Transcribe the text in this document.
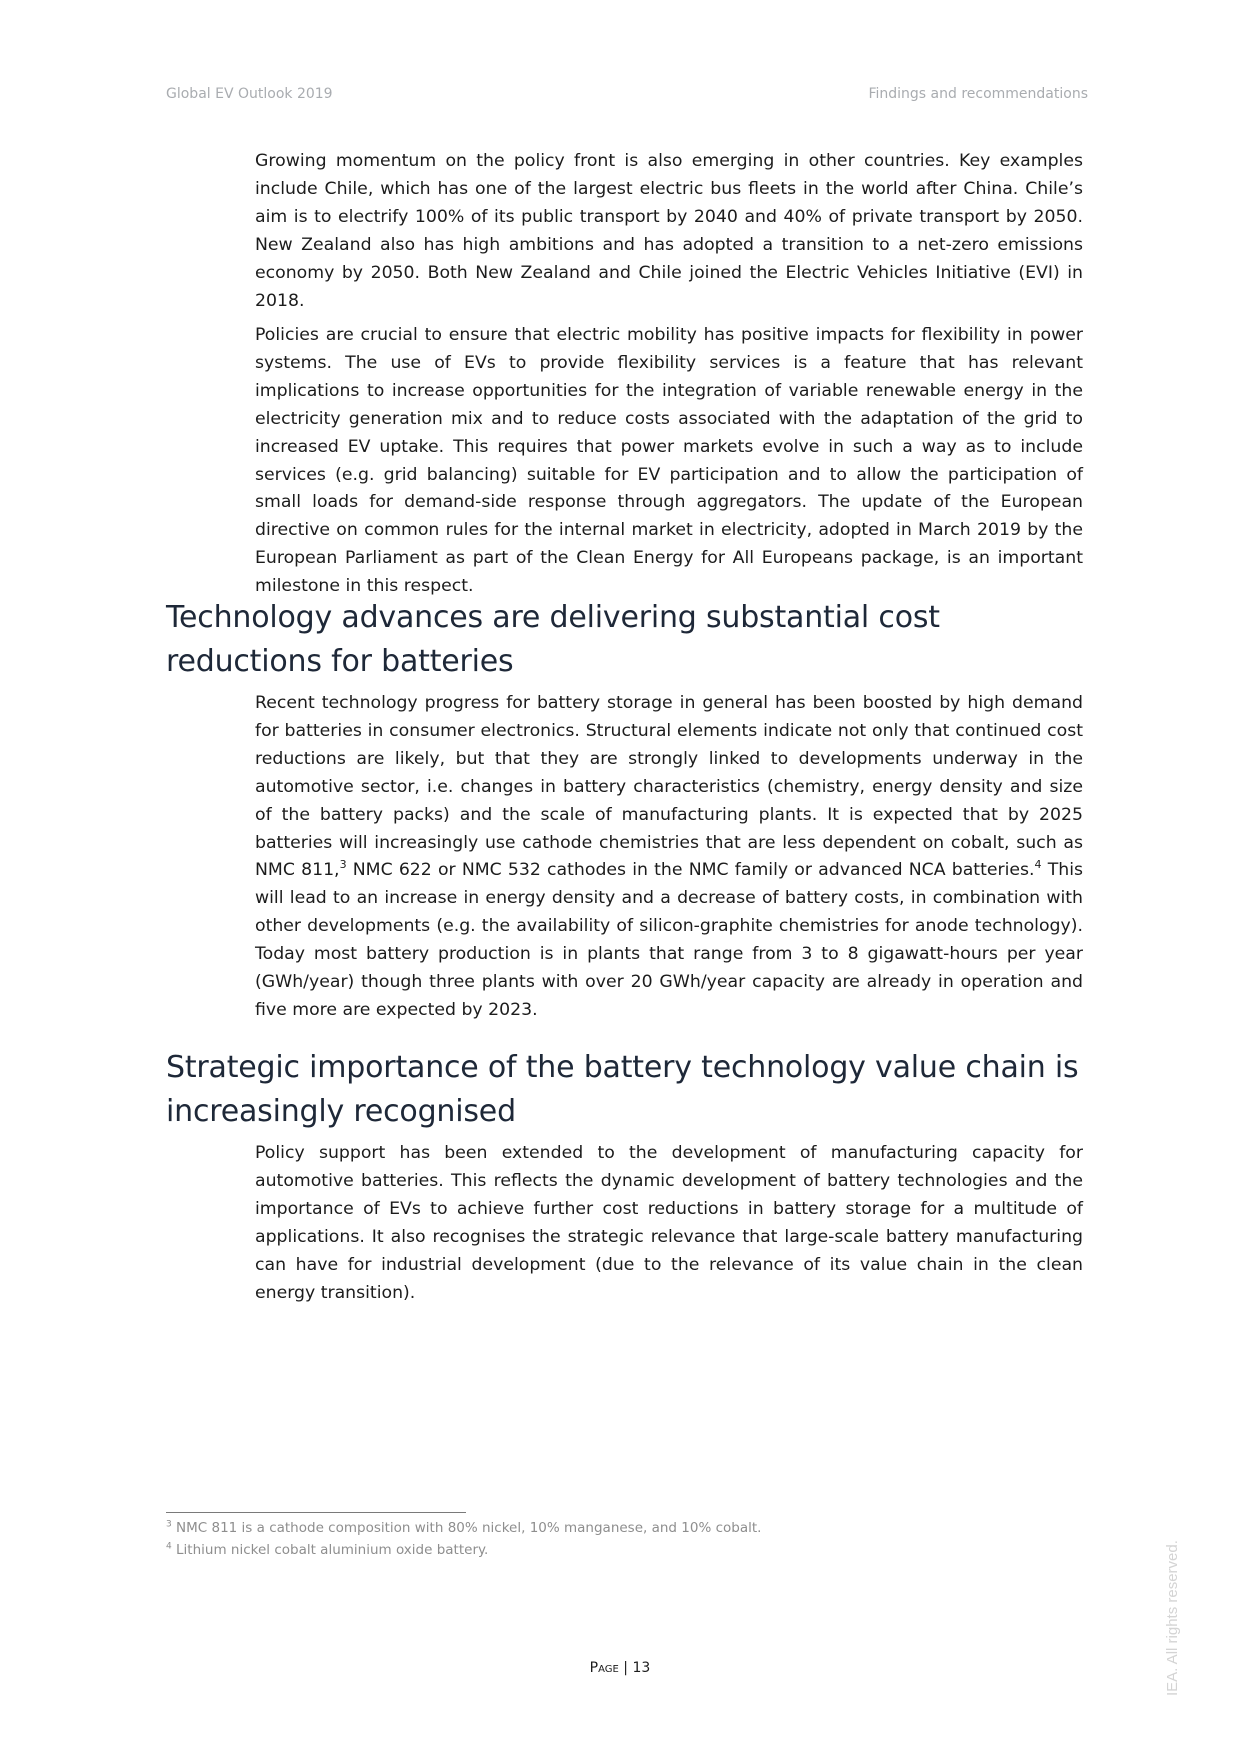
Global EV Outlook 2019	Findings and recommendations

Growing momentum on the policy front is also emerging in other countries. Key examples include Chile, which has one of the largest electric bus fleets in the world after China. Chile’s aim is to electrify 100% of its public transport by 2040 and 40% of private transport by 2050. New Zealand also has high ambitions and has adopted a transition to a net-zero emissions economy by 2050. Both New Zealand and Chile joined the Electric Vehicles Initiative (EVI) in 2018.

Policies are crucial to ensure that electric mobility has positive impacts for flexibility in power systems. The use of EVs to provide flexibility services is a feature that has relevant implications to increase opportunities for the integration of variable renewable energy in the electricity generation mix and to reduce costs associated with the adaptation of the grid to increased EV uptake. This requires that power markets evolve in such a way as to include services (e.g. grid balancing) suitable for EV participation and to allow the participation of small loads for demand-side response through aggregators. The update of the European directive on common rules for the internal market in electricity, adopted in March 2019 by the European Parliament as part of the Clean Energy for All Europeans package, is an important milestone in this respect.

Technology advances are delivering substantial cost reductions for batteries

Recent technology progress for battery storage in general has been boosted by high demand for batteries in consumer electronics. Structural elements indicate not only that continued cost reductions are likely, but that they are strongly linked to developments underway in the automotive sector, i.e. changes in battery characteristics (chemistry, energy density and size of the battery packs) and the scale of manufacturing plants. It is expected that by 2025 batteries will increasingly use cathode chemistries that are less dependent on cobalt, such as NMC 811,$^3$ NMC 622 or NMC 532 cathodes in the NMC family or advanced NCA batteries.$^4$ This will lead to an increase in energy density and a decrease of battery costs, in combination with other developments (e.g. the availability of silicon-graphite chemistries for anode technology). Today most battery production is in plants that range from 3 to 8 gigawatt-hours per year (GWh/year) though three plants with over 20 GWh/year capacity are already in operation and five more are expected by 2023.

Strategic importance of the battery technology value chain is increasingly recognised

Policy support has been extended to the development of manufacturing capacity for automotive batteries. This reflects the dynamic development of battery technologies and the importance of EVs to achieve further cost reductions in battery storage for a multitude of applications. It also recognises the strategic relevance that large-scale battery manufacturing can have for industrial development (due to the relevance of its value chain in the clean energy transition).

$^3$ NMC 811 is a cathode composition with 80% nickel, 10% manganese, and 10% cobalt.
$^4$ Lithium nickel cobalt aluminium oxide battery.
Page | 13	IEA. All rights reserved.
